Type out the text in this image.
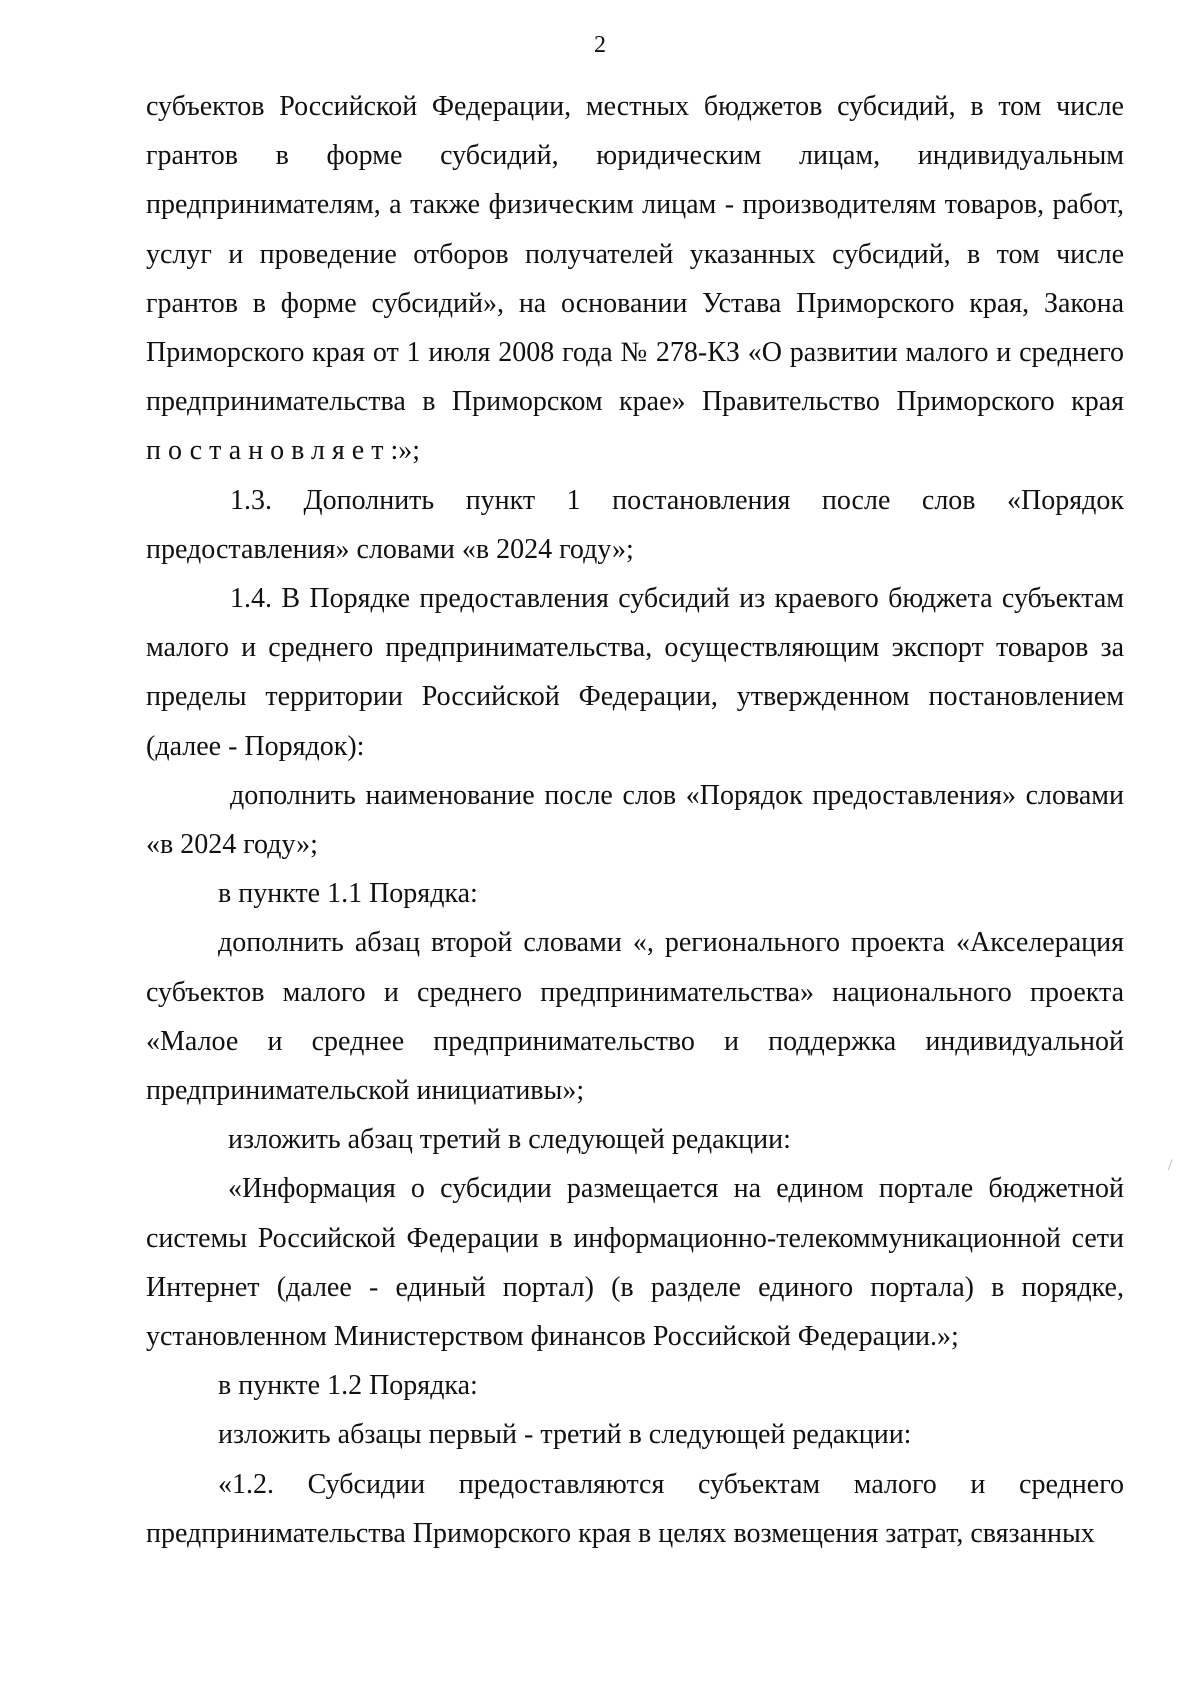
2

субъектов Российской Федерации, местных бюджетов субсидий, в том числе грантов в форме субсидий, юридическим лицам, индивидуальным предпринимателям, а также физическим лицам - производителям товаров, работ, услуг и проведение отборов получателей указанных субсидий, в том числе грантов в форме субсидий», на основании Устава Приморского края, Закона Приморского края от 1 июля 2008 года № 278-КЗ «О развитии малого и среднего предпринимательства в Приморском крае» Правительство Приморского края постановляет:»;

1.3. Дополнить пункт 1 постановления после слов «Порядок предоставления» словами «в 2024 году»;

1.4. В Порядке предоставления субсидий из краевого бюджета субъектам малого и среднего предпринимательства, осуществляющим экспорт товаров за пределы территории Российской Федерации, утвержденном постановлением (далее - Порядок):

дополнить наименование после слов «Порядок предоставления» словами «в 2024 году»;

в пункте 1.1 Порядка:

дополнить абзац второй словами «, регионального проекта «Акселерация субъектов малого и среднего предпринимательства» национального проекта «Малое и среднее предпринимательство и поддержка индивидуальной предпринимательской инициативы»;

изложить абзац третий в следующей редакции:

«Информация о субсидии размещается на едином портале бюджетной системы Российской Федерации в информационно-телекоммуникационной сети Интернет (далее - единый портал) (в разделе единого портала) в порядке, установленном Министерством финансов Российской Федерации.»;

в пункте 1.2 Порядка:

изложить абзацы первый - третий в следующей редакции:

«1.2. Субсидии предоставляются субъектам малого и среднего предпринимательства Приморского края в целях возмещения затрат, связанных

/
